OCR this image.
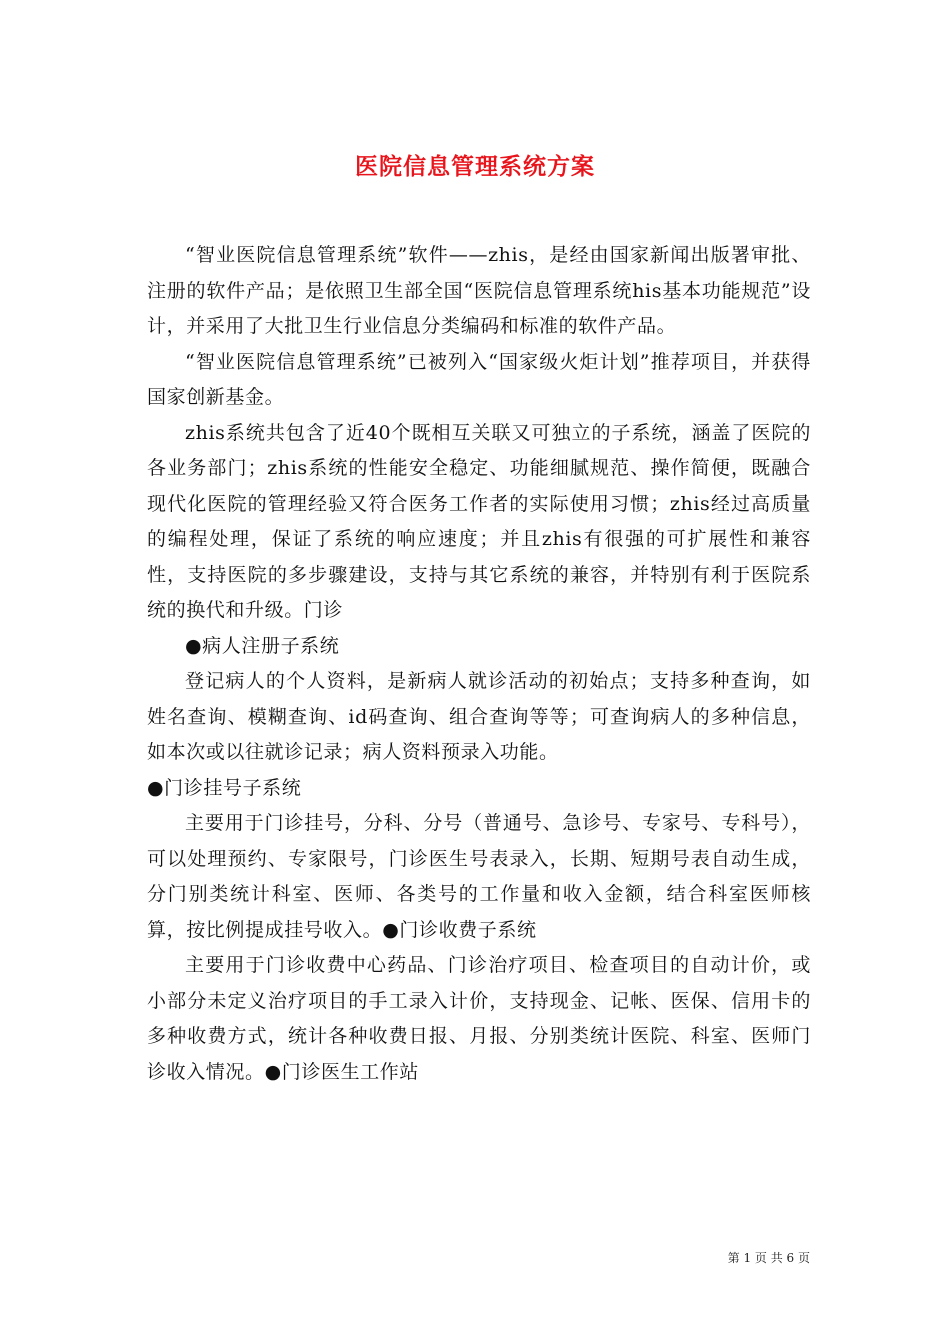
医院信息管理系统方案

“智业医院信息管理系统”软件——zhis，是经由国家新闻出版署审批、注册的软件产品；是依照卫生部全国“医院信息管理系统his基本功能规范”设计，并采用了大批卫生行业信息分类编码和标准的软件产品。

“智业医院信息管理系统”已被列入“国家级火炬计划”推荐项目，并获得国家创新基金。

zhis系统共包含了近40个既相互关联又可独立的子系统，涵盖了医院的各业务部门；zhis系统的性能安全稳定、功能细腻规范、操作简便，既融合现代化医院的管理经验又符合医务工作者的实际使用习惯；zhis经过高质量的编程处理，保证了系统的响应速度；并且zhis有很强的可扩展性和兼容性，支持医院的多步骤建设，支持与其它系统的兼容，并特别有利于医院系统的换代和升级。门诊

●病人注册子系统

登记病人的个人资料，是新病人就诊活动的初始点；支持多种查询，如姓名查询、模糊查询、id码查询、组合查询等等；可查询病人的多种信息，如本次或以往就诊记录；病人资料预录入功能。

●门诊挂号子系统

主要用于门诊挂号，分科、分号（普通号、急诊号、专家号、专科号），可以处理预约、专家限号，门诊医生号表录入，长期、短期号表自动生成，分门别类统计科室、医师、各类号的工作量和收入金额，结合科室医师核算，按比例提成挂号收入。●门诊收费子系统

主要用于门诊收费中心药品、门诊治疗项目、检查项目的自动计价，或小部分未定义治疗项目的手工录入计价，支持现金、记帐、医保、信用卡的多种收费方式，统计各种收费日报、月报、分别类统计医院、科室、医师门诊收入情况。●门诊医生工作站

第 1 页 共 6 页
